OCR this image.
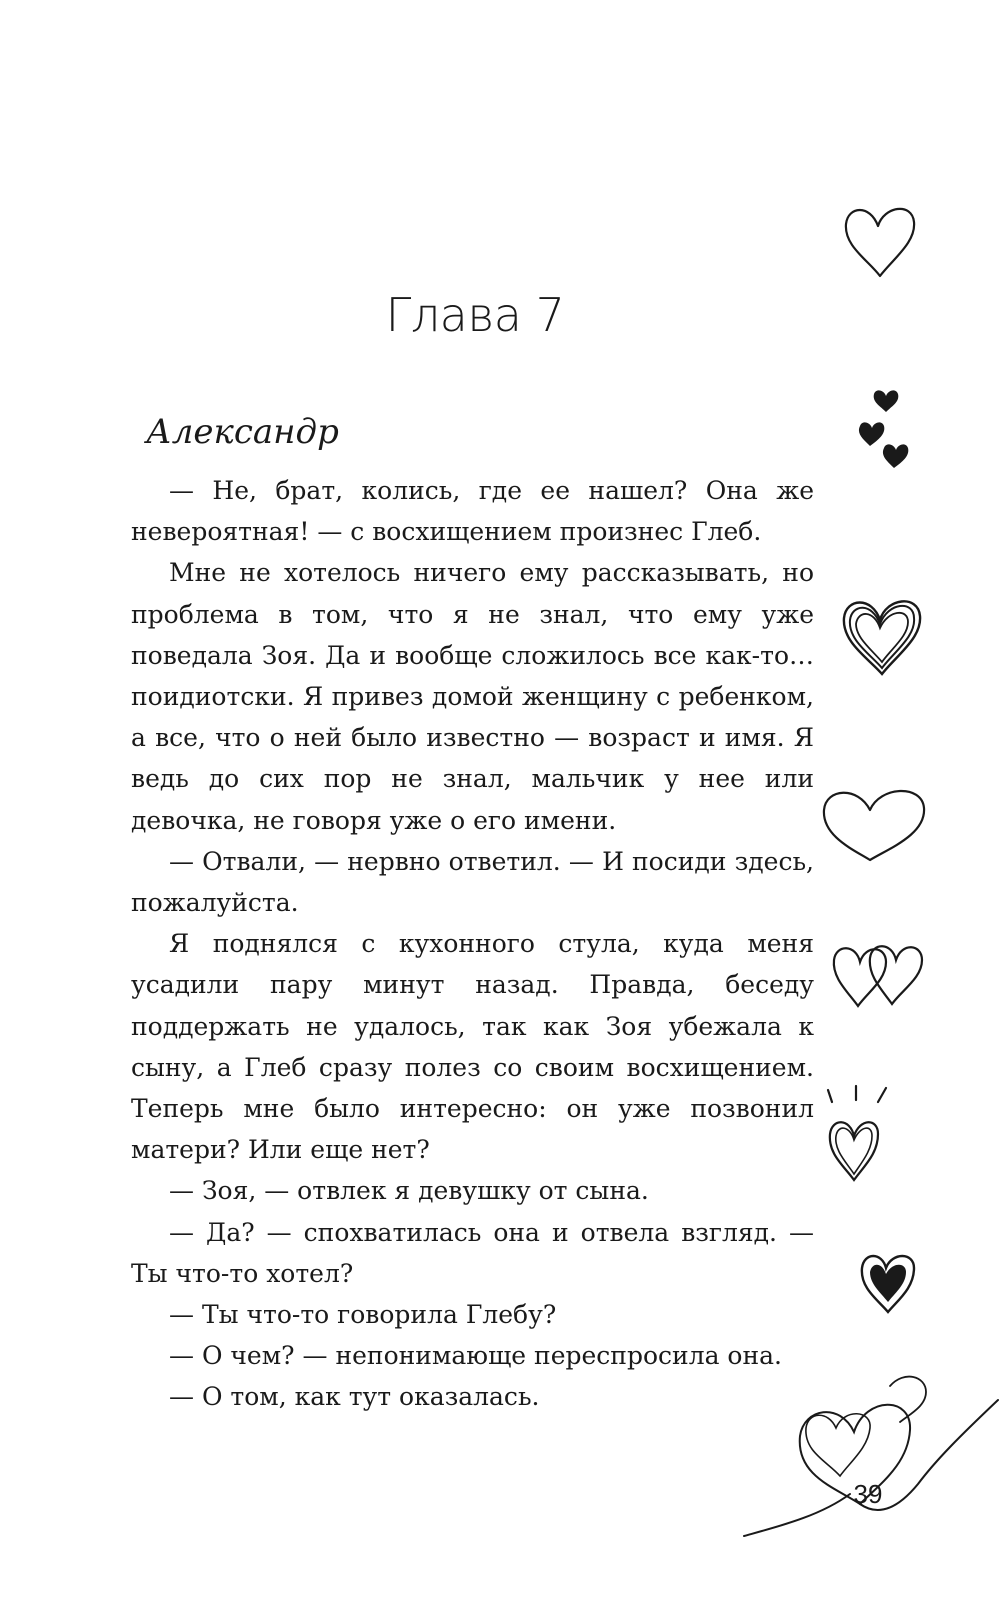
Глава 7
Александр

— Не, брат, колись, где ее нашел? Она же невероятная! — с восхищением произнес Глеб.

Мне не хотелось ничего ему рассказывать, но проблема в том, что я не знал, что ему уже поведала Зоя. Да и вообще сложилось все как-то… поидиотски. Я привез домой женщину с ребенком, а все, что о ней было известно — возраст и имя. Я ведь до сих пор не знал, мальчик у нее или девочка, не говоря уже о его имени.

— Отвали, — нервно ответил. — И посиди здесь, пожалуйста.

Я поднялся с кухонного стула, куда меня усадили пару минут назад. Правда, беседу поддержать не удалось, так как Зоя убежала к сыну, а Глеб сразу полез со своим восхищением. Теперь мне было интересно: он уже позвонил матери? Или еще нет?

— Зоя, — отвлек я девушку от сына.

— Да? — спохватилась она и отвела взгляд. — Ты что-то хотел?

— Ты что-то говорила Глебу?

— О чем? — непонимающе переспросила она.

— О том, как тут оказалась.

39
